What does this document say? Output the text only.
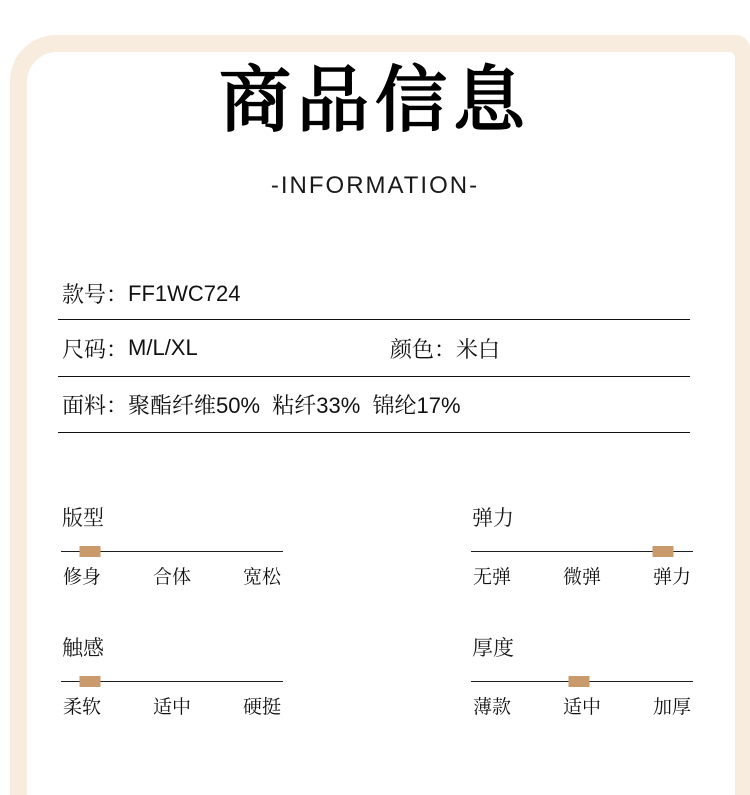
商品信息
-INFORMATION-
款号： FF1WC724
尺码： M/L/XL	颜色： 米白
面料： 聚酯纤维50%  粘纤33%  锦纶17%
版型
修身	合体	宽松
弹力
无弹	微弹	弹力
触感
柔软	适中	硬挺
厚度
薄款	适中	加厚
